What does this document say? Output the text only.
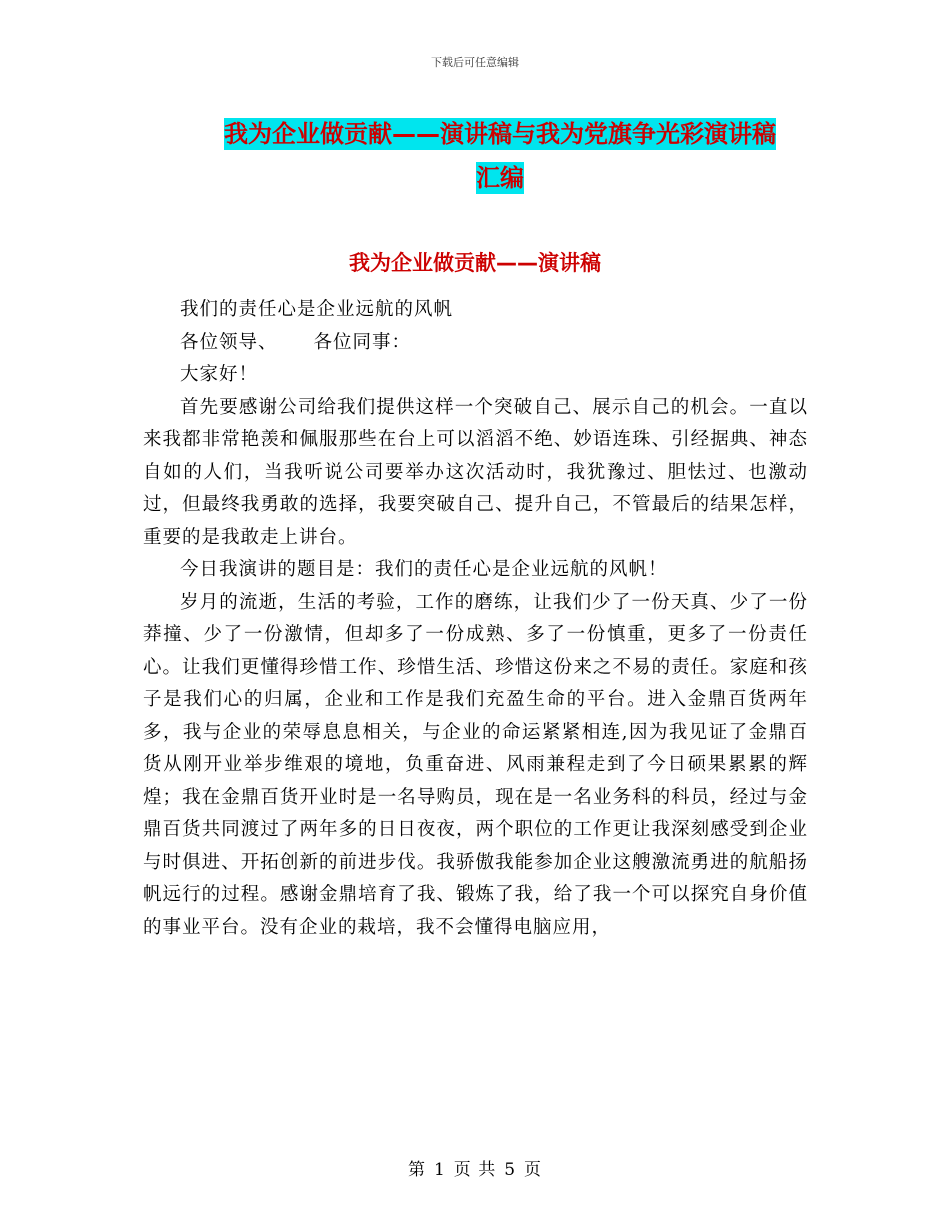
下载后可任意编辑
我为企业做贡献——演讲稿与我为党旗争光彩演讲稿
汇编
我为企业做贡献——演讲稿

我们的责任心是企业远航的风帆

各位领导、 各位同事：

大家好！

首先要感谢公司给我们提供这样一个突破自己、展示自己的机会。一直以来我都非常艳羡和佩服那些在台上可以滔滔不绝、妙语连珠、引经据典、神态自如的人们，当我听说公司要举办这次活动时，我犹豫过、胆怯过、也激动过，但最终我勇敢的选择，我要突破自己、提升自己，不管最后的结果怎样，重要的是我敢走上讲台。

今日我演讲的题目是：我们的责任心是企业远航的风帆！

岁月的流逝，生活的考验，工作的磨练，让我们少了一份天真、少了一份莽撞、少了一份激情，但却多了一份成熟、多了一份慎重，更多了一份责任心。让我们更懂得珍惜工作、珍惜生活、珍惜这份来之不易的责任。家庭和孩子是我们心的归属，企业和工作是我们充盈生命的平台。进入金鼎百货两年多，我与企业的荣辱息息相关，与企业的命运紧紧相连,因为我见证了金鼎百货从刚开业举步维艰的境地，负重奋进、风雨兼程走到了今日硕果累累的辉煌；我在金鼎百货开业时是一名导购员，现在是一名业务科的科员，经过与金鼎百货共同渡过了两年多的日日夜夜，两个职位的工作更让我深刻感受到企业与时俱进、开拓创新的前进步伐。我骄傲我能参加企业这艘激流勇进的航船扬帆远行的过程。感谢金鼎培育了我、锻炼了我，给了我一个可以探究自身价值的事业平台。没有企业的栽培，我不会懂得电脑应用，

第 1 页 共 5 页
